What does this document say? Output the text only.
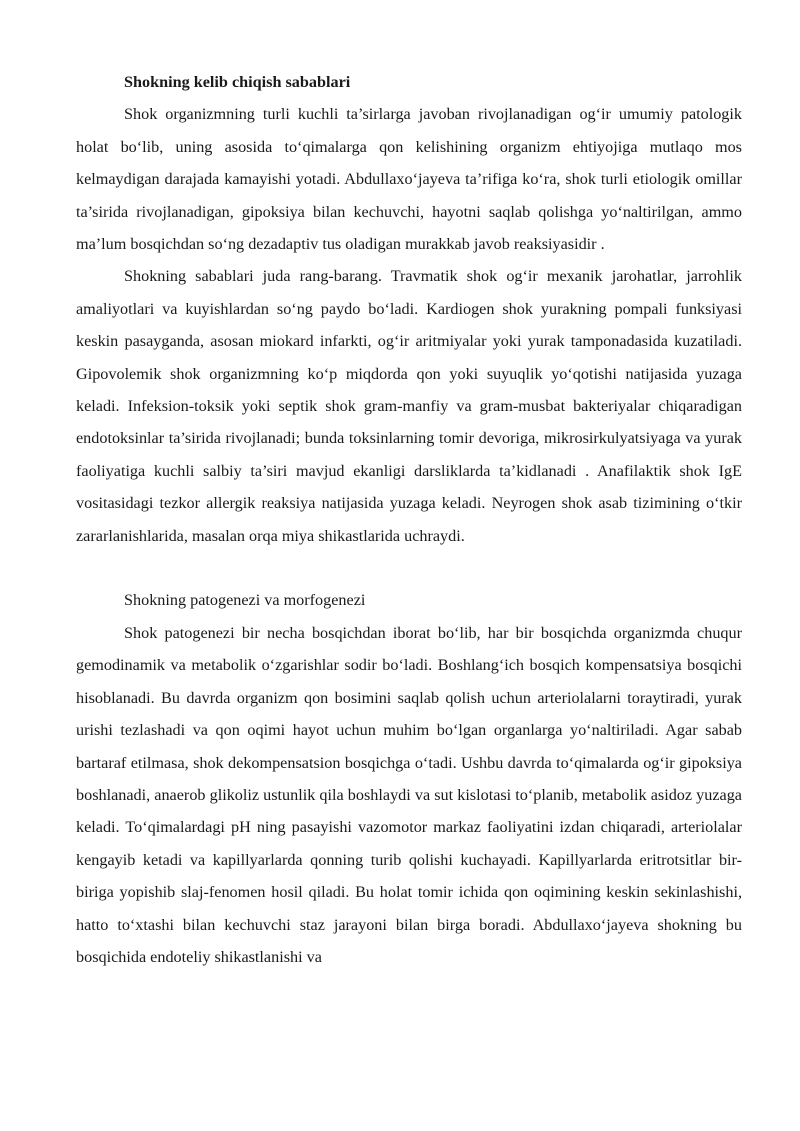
Shokning kelib chiqish sabablari

Shok organizmning turli kuchli ta’sirlarga javoban rivojlanadigan og‘ir umumiy patologik holat bo‘lib, uning asosida to‘qimalarga qon kelishining organizm ehtiyojiga mutlaqo mos kelmaydigan darajada kamayishi yotadi. Abdullaxo‘jayeva ta’rifiga ko‘ra, shok turli etiologik omillar ta’sirida rivojlanadigan, gipoksiya bilan kechuvchi, hayotni saqlab qolishga yo‘naltirilgan, ammo ma’lum bosqichdan so‘ng dezadaptiv tus oladigan murakkab javob reaksiyasidir .

Shokning sabablari juda rang-barang. Travmatik shok og‘ir mexanik jarohatlar, jarrohlik amaliyotlari va kuyishlardan so‘ng paydo bo‘ladi. Kardiogen shok yurakning pompali funksiyasi keskin pasayganda, asosan miokard infarkti, og‘ir aritmiyalar yoki yurak tamponadasida kuzatiladi. Gipovolemik shok organizmning ko‘p miqdorda qon yoki suyuqlik yo‘qotishi natijasida yuzaga keladi. Infeksion-toksik yoki septik shok gram-manfiy va gram-musbat bakteriyalar chiqaradigan endotoksinlar ta’sirida rivojlanadi; bunda toksinlarning tomir devoriga, mikrosirkulyatsiyaga va yurak faoliyatiga kuchli salbiy ta’siri mavjud ekanligi darsliklarda ta’kidlanadi . Anafilaktik shok IgE vositasidagi tezkor allergik reaksiya natijasida yuzaga keladi. Neyrogen shok asab tizimining o‘tkir zararlanishlarida, masalan orqa miya shikastlarida uchraydi.

Shokning patogenezi va morfogenezi

Shok patogenezi bir necha bosqichdan iborat bo‘lib, har bir bosqichda organizmda chuqur gemodinamik va metabolik o‘zgarishlar sodir bo‘ladi. Boshlang‘ich bosqich kompensatsiya bosqichi hisoblanadi. Bu davrda organizm qon bosimini saqlab qolish uchun arteriolalarni toraytiradi, yurak urishi tezlashadi va qon oqimi hayot uchun muhim bo‘lgan organlarga yo‘naltiriladi. Agar sabab bartaraf etilmasa, shok dekompensatsion bosqichga o‘tadi. Ushbu davrda to‘qimalarda og‘ir gipoksiya boshlanadi, anaerob glikoliz ustunlik qila boshlaydi va sut kislotasi to‘planib, metabolik asidoz yuzaga keladi. To‘qimalardagi pH ning pasayishi vazomotor markaz faoliyatini izdan chiqaradi, arteriolalar kengayib ketadi va kapillyarlarda qonning turib qolishi kuchayadi. Kapillyarlarda eritrotsitlar bir-biriga yopishib slaj-fenomen hosil qiladi. Bu holat tomir ichida qon oqimining keskin sekinlashishi, hatto to‘xtashi bilan kechuvchi staz jarayoni bilan birga boradi. Abdullaxo‘jayeva shokning bu bosqichida endoteliy shikastlanishi va
